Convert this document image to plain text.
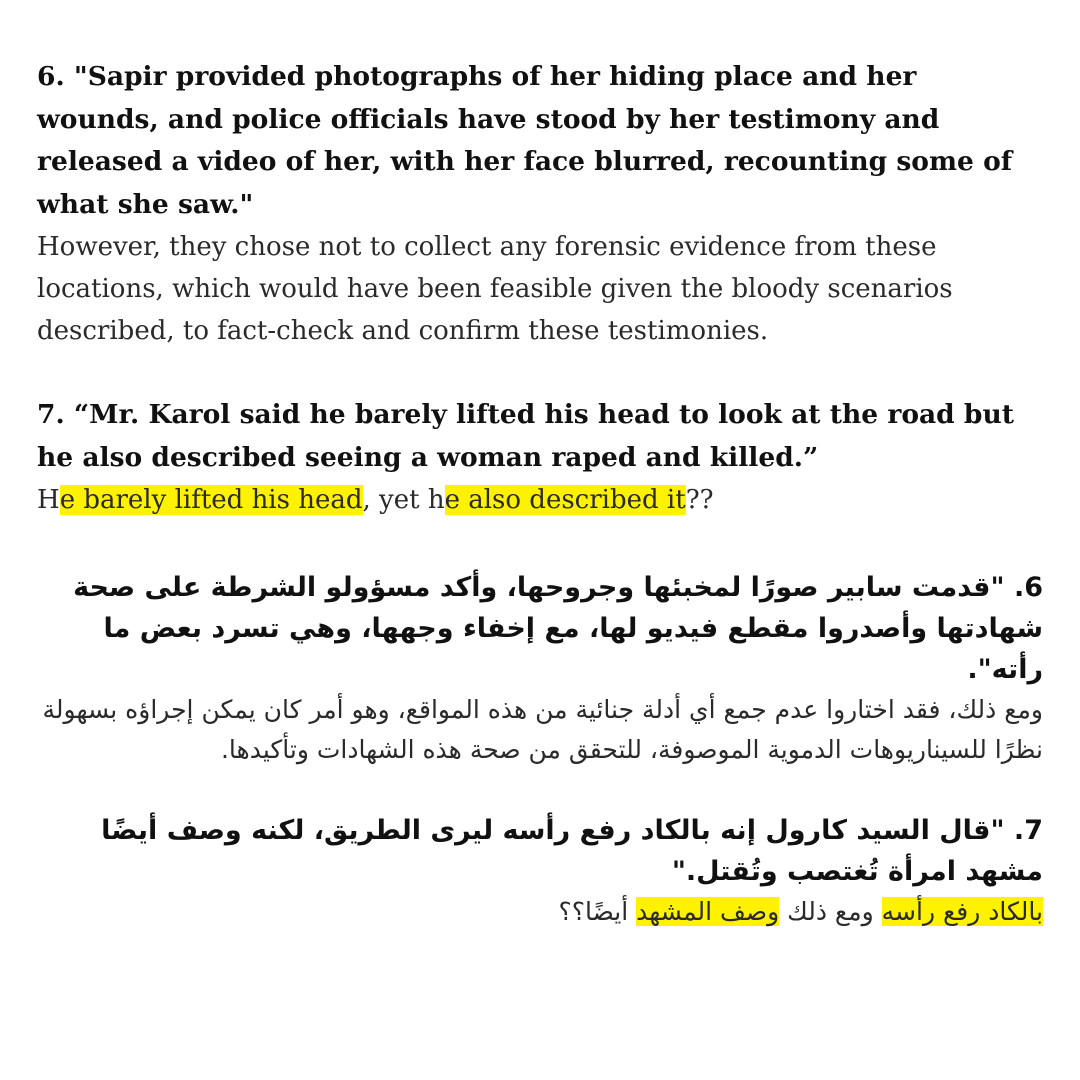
6. "Sapir provided photographs of her hiding place and her wounds, and police officials have stood by her testimony and released a video of her, with her face blurred, recounting some of what she saw."

However, they chose not to collect any forensic evidence from these locations, which would have been feasible given the bloody scenarios described, to fact-check and confirm these testimonies.

7. “Mr. Karol said he barely lifted his head to look at the road but he also described seeing a woman raped and killed.”

He barely lifted his head, yet he also described it??

6. "قدمت سابير صورًا لمخبئها وجروحها، وأكد مسؤولو الشرطة على صحة شهادتها وأصدروا مقطع فيديو لها، مع إخفاء وجهها، وهي تسرد بعض ما رأته".

ومع ذلك، فقد اختاروا عدم جمع أي أدلة جنائية من هذه المواقع، وهو أمر كان يمكن إجراؤه بسهولة نظرًا للسيناريوهات الدموية الموصوفة، للتحقق من صحة هذه الشهادات وتأكيدها.

7. "قال السيد كارول إنه بالكاد رفع رأسه ليرى الطريق، لكنه وصف أيضًا مشهد امرأة تُغتصب وتُقتل."

بالكاد رفع رأسه ومع ذلك وصف المشهد أيضًا؟؟
